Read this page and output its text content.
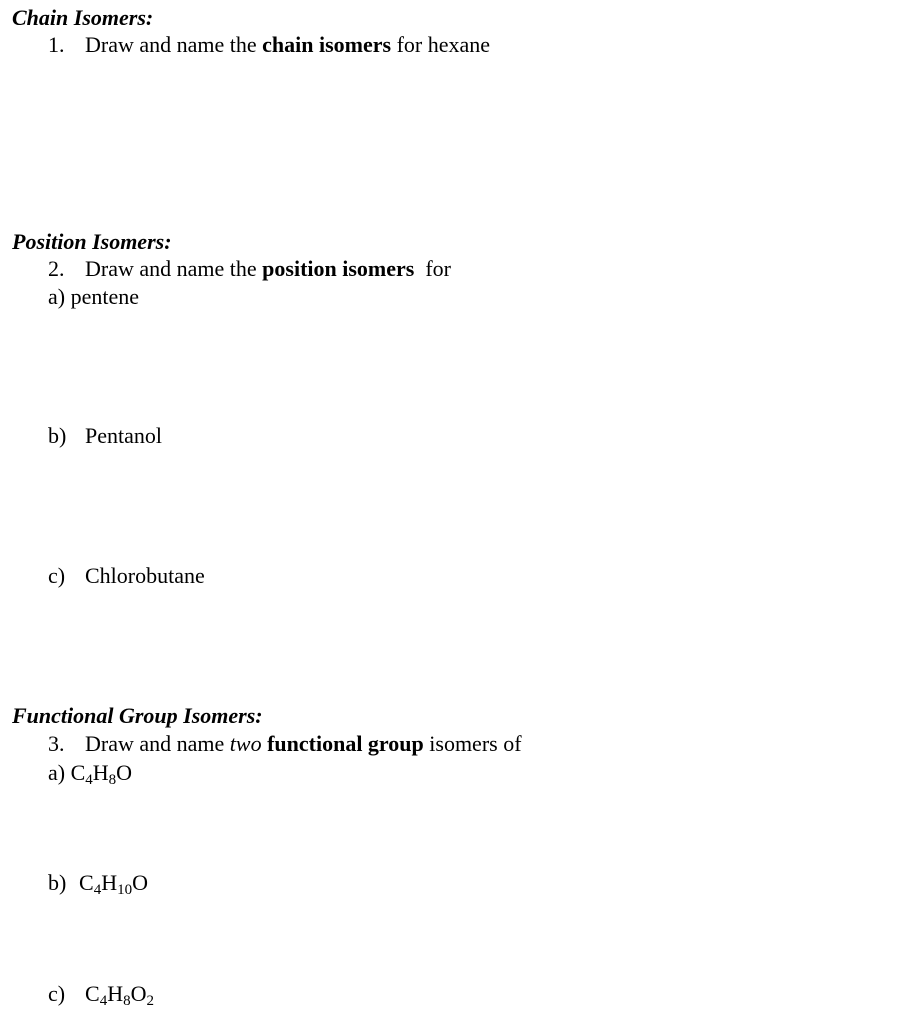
Chain Isomers:
1. Draw and name the chain isomers for hexane
Position Isomers:
2. Draw and name the position isomers  for
a) pentene
b) Pentanol
c) Chlorobutane
Functional Group Isomers:
3. Draw and name two functional group isomers of
a) $C_4H_8O$
b) $C_4H_{10}O$
c) $C_4H_8O_2$
